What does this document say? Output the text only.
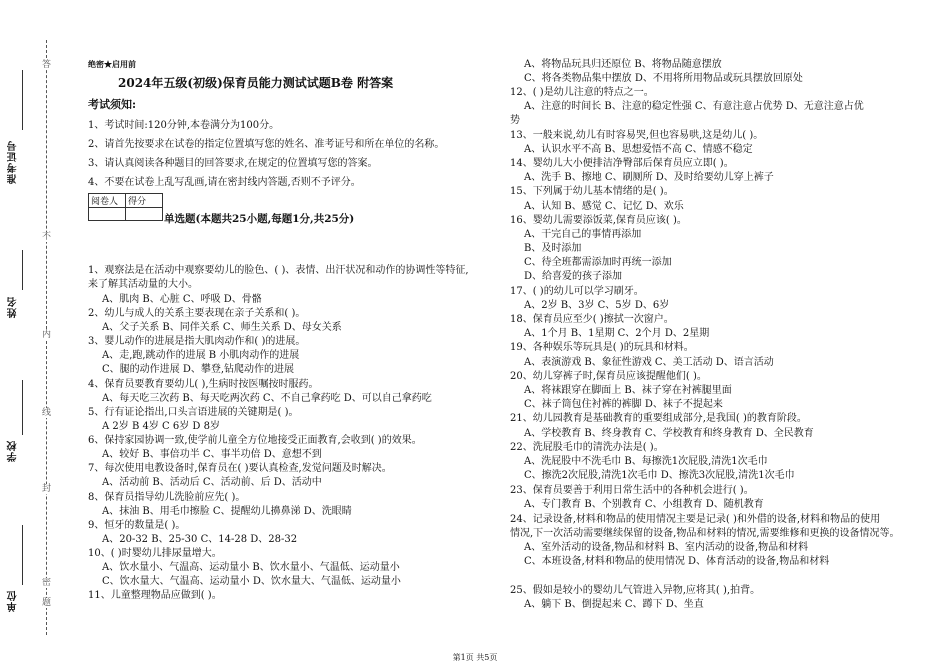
答
不
内
线
封
密
题
准考证号
姓名
学校
单位
绝密★启用前
2024年五级(初级)保育员能力测试试题B卷 附答案
考试须知:
1、考试时间:120分钟,本卷满分为100分。
2、请首先按要求在试卷的指定位置填写您的姓名、准考证号和所在单位的名称。
3、请认真阅读各种题目的回答要求,在规定的位置填写您的答案。
4、不要在试卷上乱写乱画,请在密封线内答题,否则不予评分。
阅卷人	得分

单选题(本题共25小题,每题1分,共25分)
1、观察法是在活动中观察要幼儿的脸色、( )、表情、出汗状况和动作的协调性等特征,
来了解其活动量的大小。
A、肌肉 B、心脏 C、呼吸 D、骨骼
2、幼儿与成人的关系主要表现在亲子关系和( )。
A、父子关系 B、同伴关系 C、师生关系 D、母女关系
3、婴儿动作的进展是指大肌肉动作和( )的进展。
A、走,跑,跳动作的进展 B 小肌肉动作的进展
C、腿的动作进展 D、攀登,钻爬动作的进展
4、保育员要教育要幼儿( ),生病时按医嘱按时服药。
A、每天吃三次药 B、每天吃两次药 C、不自己拿药吃 D、可以自己拿药吃
5、行有证论指出,口头言语进展的关键期是( )。
A 2岁 B 4岁 C 6岁 D 8岁
6、保持家园协调一致,使学前儿童全方位地接受正面教育,会收到( )的效果。
A、较好 B、事倍功半 C、事半功倍 D、意想不到
7、每次使用电教设备时,保育员在( )要认真检查,发觉问题及时解决。
A、活动前 B、活动后 C、活动前、后 D、活动中
8、保育员指导幼儿洗脸前应先( )。
A、抹油 B、用毛巾擦脸 C、提醒幼儿擤鼻涕 D、洗眼睛
9、恒牙的数量是( )。
A、20-32 B、25-30 C、14-28 D、28-32
10、( )时婴幼儿排尿量增大。
A、饮水量小、气温高、运动量小 B、饮水量小、气温低、运动量小
C、饮水量大、气温高、运动量小 D、饮水量大、气温低、运动量小
11、儿童整理物品应做到( )。
A、将物品玩具归还原位 B、将物品随意摆放
C、将各类物品集中摆放 D、不用将所用物品或玩具摆放回原处
12、( )是幼儿注意的特点之一。
A、注意的时间长 B、注意的稳定性强 C、有意注意占优势 D、无意注意占优
势
13、一般来说,幼儿有时容易哭,但也容易哄,这是幼儿( )。
A、认识水平不高 B、思想爱悟不高 C、情感不稳定
14、婴幼儿大小便排洁净臀部后保育员应立即( )。
A、洗手 B、擦地 C、刷厕所 D、及时给要幼儿穿上裤子
15、下列属于幼儿基本情绪的是( )。
A、认知 B、感觉 C、记忆 D、欢乐
16、婴幼儿需要添饭菜,保育员应该( )。
A、干完自己的事情再添加
B、及时添加
C、待全班都需添加时再统一添加
D、给喜爱的孩子添加
17、( )的幼儿可以学习刷牙。
A、2岁 B、3岁 C、5岁 D、6岁
18、保育员应至少( )擦拭一次窗户。
A、1个月 B、1星期 C、2个月 D、2星期
19、各种娱乐等玩具是( )的玩具和材料。
A、表演游戏 B、象征性游戏 C、美工活动 D、语言活动
20、幼儿穿裤子时,保育员应该提醒他们( )。
A、将袜跟穿在脚面上 B、袜子穿在衬裤腿里面
C、袜子筒包住衬裤的裤脚 D、袜子不提起来
21、幼儿园教育是基础教育的重要组成部分,是我国( )的教育阶段。
A、学校教育 B、终身教育 C、学校教育和终身教育 D、全民教育
22、洗屁股毛巾的清洗办法是( )。
A、洗屁股中不洗毛巾 B、每擦洗1次屁股,清洗1次毛巾
C、擦洗2次屁股,清洗1次毛巾 D、擦洗3次屁股,清洗1次毛巾
23、保育员要善于利用日常生活中的各种机会进行( )。
A、专门教育 B、个别教育 C、小组教育 D、随机教育
24、记录设备,材料和物品的使用情况主要是记录( )和外借的设备,材料和物品的使用
情况,下一次活动需要继续保留的设备,物品和材料的情况,需要维修和更换的设备情况等。
A、室外活动的设备,物品和材料 B、室内活动的设备,物品和材料
C、本班设备,材料和物品的使用情况 D、体育活动的设备,物品和材料
25、假如是较小的婴幼儿气管进入异物,应将其( ),拍背。
A、躺下 B、倒提起来 C、蹲下 D、坐直
第1页 共5页
